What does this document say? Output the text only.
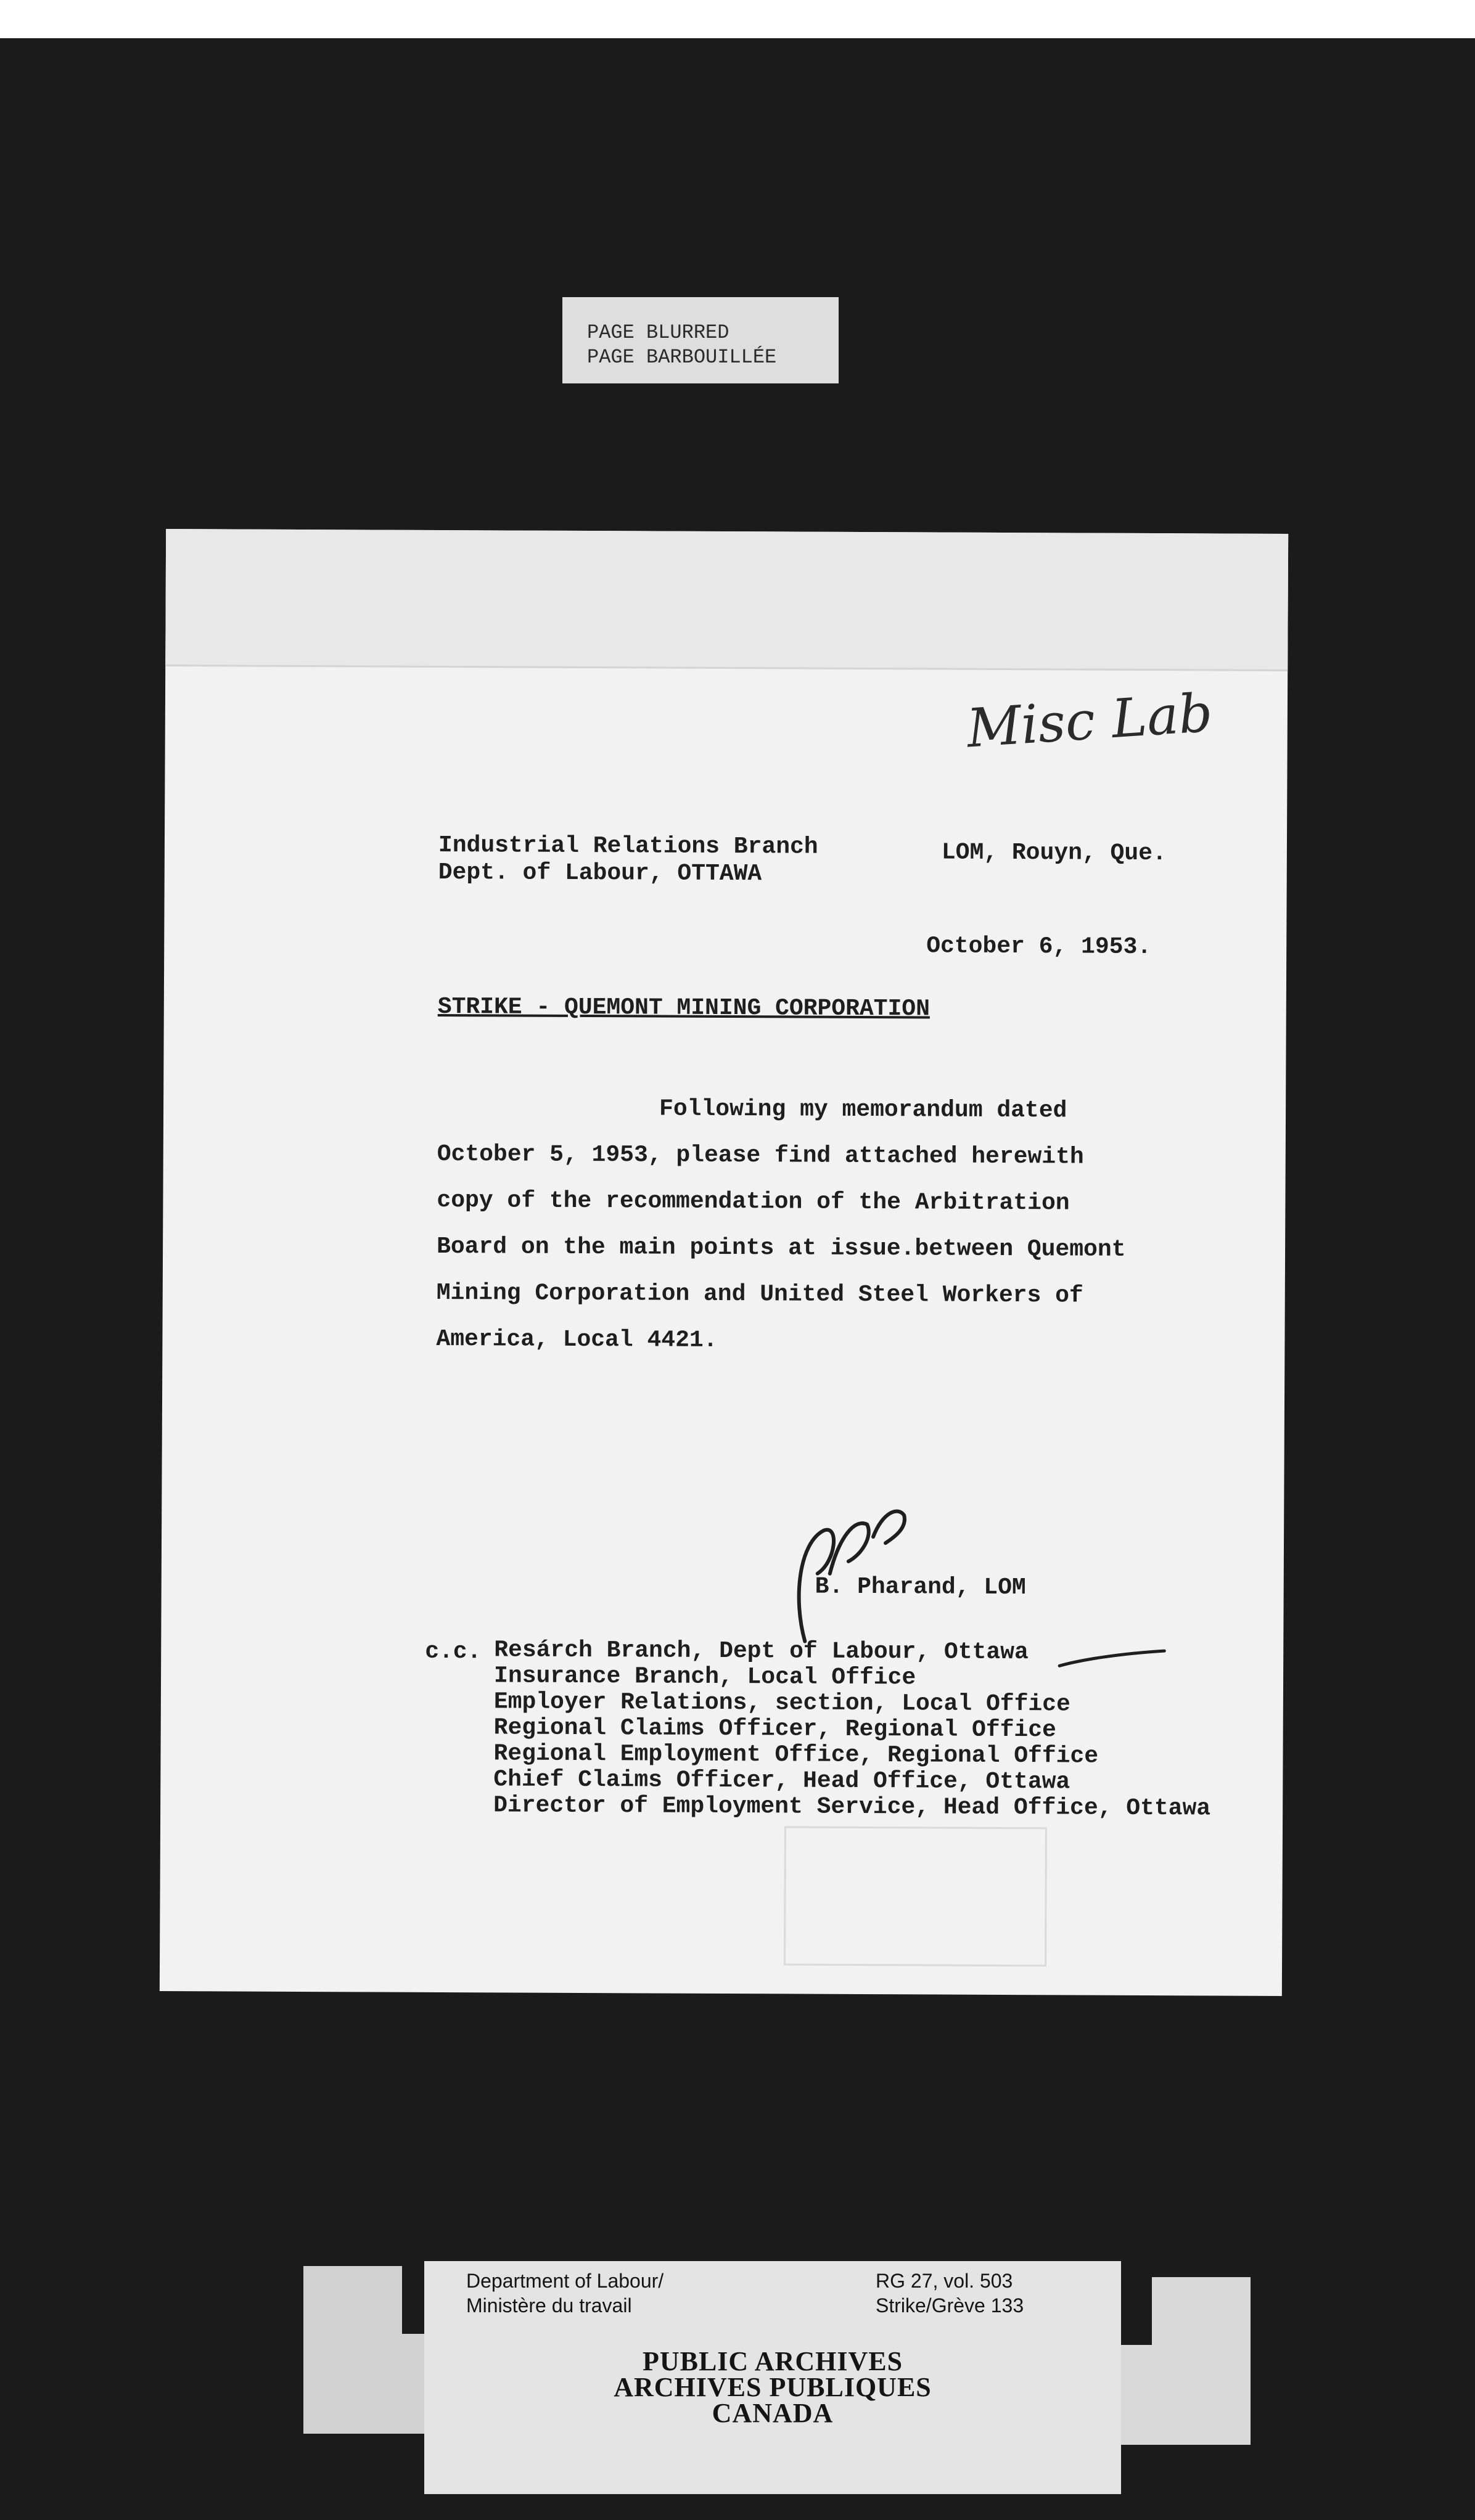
PAGE BLURRED
PAGE BARBOUILLÉE
Misc Lab
Industrial Relations Branch
Dept. of Labour, OTTAWA
LOM, Rouyn, Que.
October 6, 1953.
STRIKE - QUEMONT MINING CORPORATION
Following my memorandum dated
October 5, 1953, please find attached herewith
copy of the recommendation of the Arbitration
Board on the main points at issue.between Quemont
Mining Corporation and United Steel Workers of
America, Local 4421.
B. Pharand, LOM
c.c. Resárch Branch, Dept of Labour, Ottawa
Insurance Branch, Local Office
Employer Relations, section, Local Office
Regional Claims Officer, Regional Office
Regional Employment Office, Regional Office
Chief Claims Officer, Head Office, Ottawa
Director of Employment Service, Head Office, Ottawa
Department of Labour/
Ministère du travail
RG 27, vol. 503
Strike/Grève 133
PUBLIC ARCHIVES
ARCHIVES PUBLIQUES
CANADA
